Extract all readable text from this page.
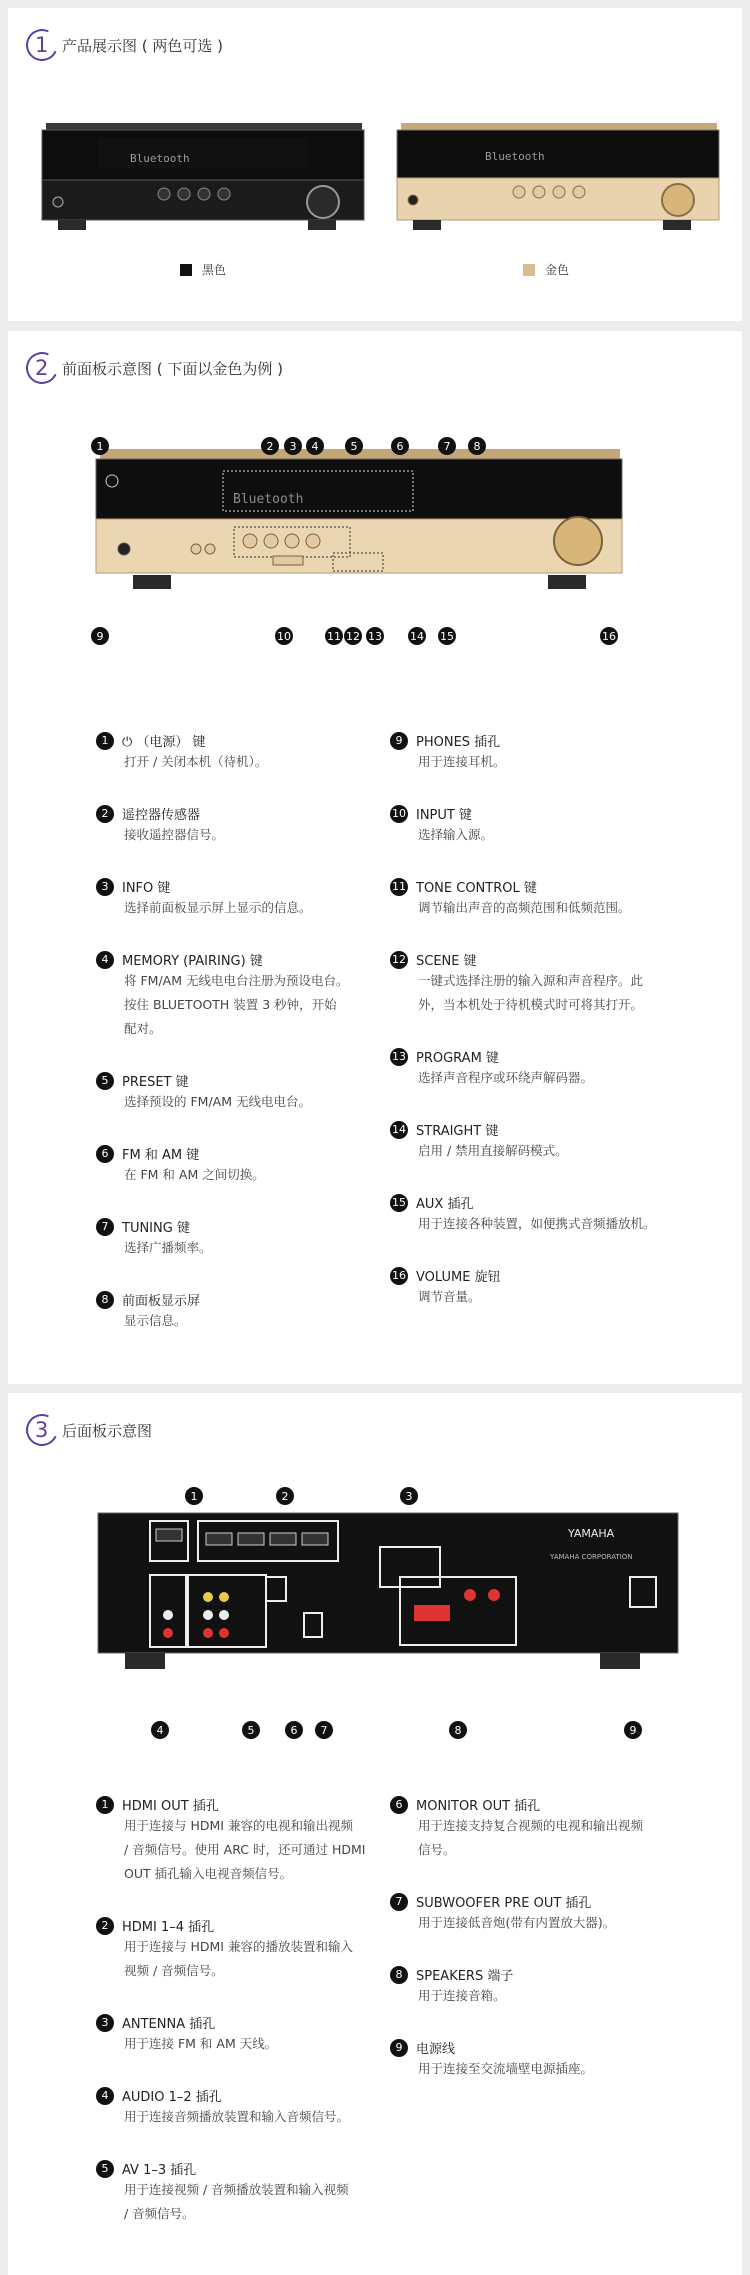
1 产品展示图 ( 两色可选 )
Bluetooth
黑色
Bluetooth
金色
2 前面板示意图 ( 下面以金色为例 )
Bluetooth
1	2	3	4	5	6	7	8
9	10	11 12 13	14 15	16
1	⏻ （电源） 键
打开 / 关闭本机（待机）。
2	遥控器传感器
接收遥控器信号。
3	INFO 键
选择前面板显示屏上显示的信息。
4	MEMORY (PAIRING) 键
将 FM/AM 无线电电台注册为预设电台。
按住 BLUETOOTH 装置 3 秒钟，开始
配对。
5	PRESET 键
选择预设的 FM/AM 无线电电台。
6	FM 和 AM 键
在 FM 和 AM 之间切换。
7	TUNING 键
选择广播频率。
8	前面板显示屏
显示信息。
9	PHONES 插孔
用于连接耳机。
10 INPUT 键
选择输入源。
11 TONE CONTROL 键
调节输出声音的高频范围和低频范围。
12 SCENE 键
一键式选择注册的输入源和声音程序。此
外，当本机处于待机模式时可将其打开。
13 PROGRAM 键
选择声音程序或环绕声解码器。
14 STRAIGHT 键
启用 / 禁用直接解码模式。
15 AUX 插孔
用于连接各种装置，如便携式音频播放机。
16 VOLUME 旋钮
调节音量。
3 后面板示意图
YAMAHA
YAMAHA CORPORATION
1	2	3
4	5	6	7	8	9
1	HDMI OUT 插孔
用于连接与 HDMI 兼容的电视和输出视频
/ 音频信号。使用 ARC 时，还可通过 HDMI
OUT 插孔输入电视音频信号。
2	HDMI 1–4 插孔
用于连接与 HDMI 兼容的播放装置和输入
视频 / 音频信号。
3	ANTENNA 插孔
用于连接 FM 和 AM 天线。
4	AUDIO 1–2 插孔
用于连接音频播放装置和输入音频信号。
5	AV 1–3 插孔
用于连接视频 / 音频播放装置和输入视频
/ 音频信号。
6	MONITOR OUT 插孔
用于连接支持复合视频的电视和输出视频
信号。
7	SUBWOOFER PRE OUT 插孔
用于连接低音炮(带有内置放大器)。
8	SPEAKERS 端子
用于连接音箱。
9	电源线
用于连接至交流墙壁电源插座。
